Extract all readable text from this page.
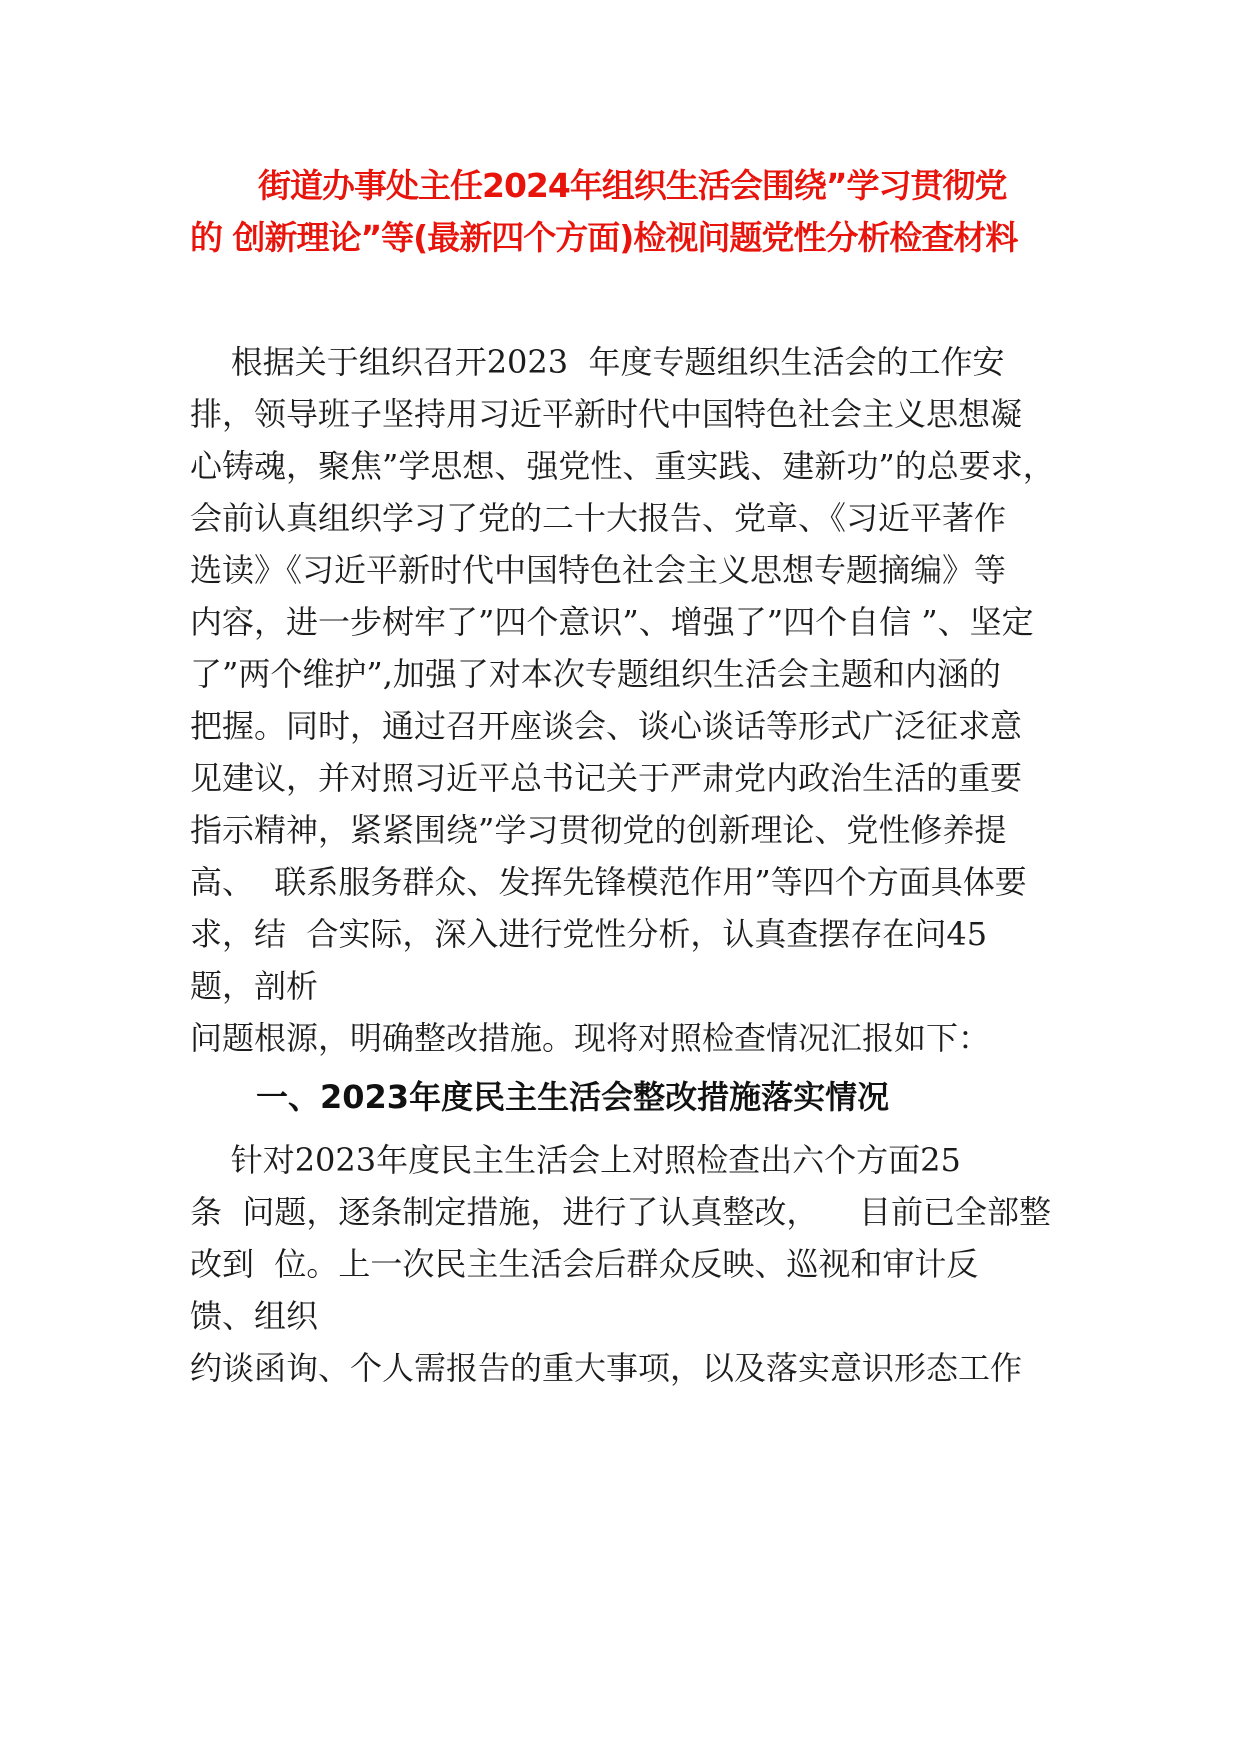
街道办事处主任2024年组织生活会围绕”学习贯彻党
的 创新理论”等(最新四个方面)检视问题党性分析检查材料
根据关于组织召开2023  年度专题组织生活会的工作安
排，领导班子坚持用习近平新时代中国特色社会主义思想凝
心铸魂，聚焦”学思想、强党性、重实践、建新功”的总要求，
会前认真组织学习了党的二十大报告、党章、《习近平著作
选读》《习近平新时代中国特色社会主义思想专题摘编》等
内容，进一步树牢了”四个意识”、增强了”四个自信 ”、坚定
了”两个维护”,加强了对本次专题组织生活会主题和内涵的
把握。同时，通过召开座谈会、谈心谈话等形式广泛征求意
见建议，并对照习近平总书记关于严肃党内政治生活的重要
指示精神，紧紧围绕”学习贯彻党的创新理论、党性修养提
高、  联系服务群众、发挥先锋模范作用”等四个方面具体要
求，结  合实际，深入进行党性分析，认真查摆存在问45
题，剖析
问题根源，明确整改措施。现将对照检查情况汇报如下：
一、2023年度民主生活会整改措施落实情况
针对2023年度民主生活会上对照检查出六个方面25
条  问题，逐条制定措施，进行了认真整改，    目前已全部整
改到  位。上一次民主生活会后群众反映、巡视和审计反
馈、组织
约谈函询、个人需报告的重大事项，以及落实意识形态工作
